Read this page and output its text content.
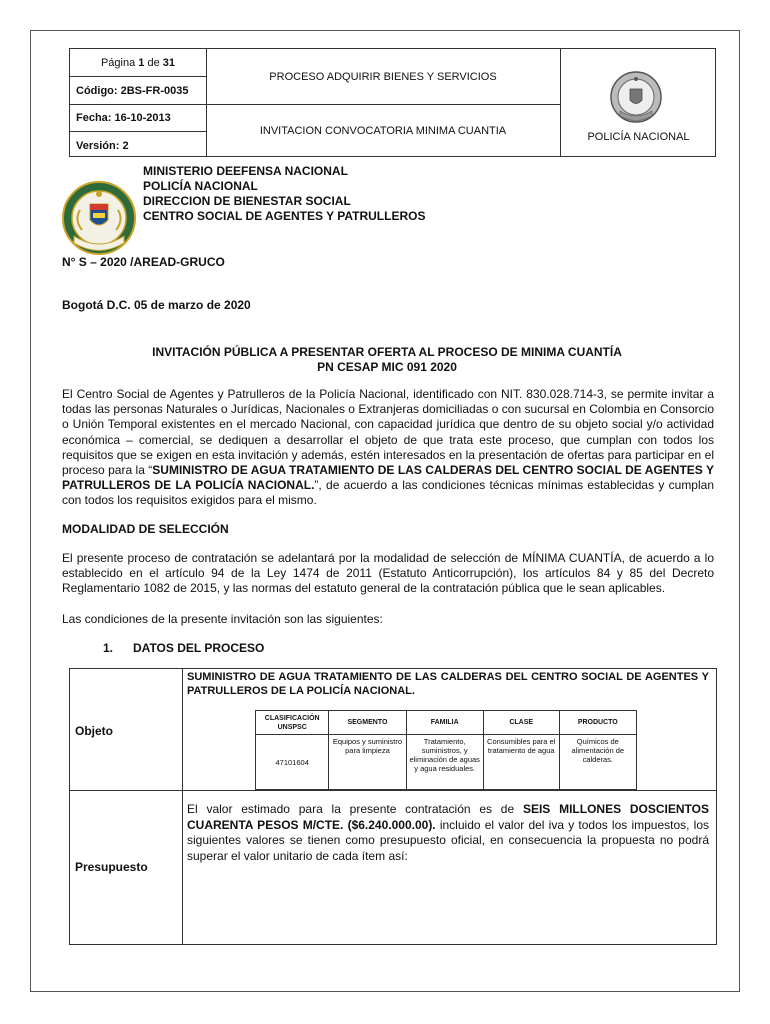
Página 1 de 31
Código: 2BS-FR-0035
Fecha: 16-10-2013
Versión: 2
PROCESO ADQUIRIR BIENES Y SERVICIOS
INVITACION CONVOCATORIA MINIMA CUANTIA	POLICÍA NACIONAL
MINISTERIO DEEFENSA NACIONAL
POLICÍA NACIONAL
DIRECCION DE BIENESTAR SOCIAL
CENTRO SOCIAL DE AGENTES Y PATRULLEROS
N° S – 2020 /AREAD-GRUCO
Bogotá D.C. 05 de marzo de 2020
INVITACIÓN PÚBLICA A PRESENTAR OFERTA AL PROCESO DE MINIMA CUANTÍA
PN CESAP MIC 091 2020
El Centro Social de Agentes y Patrulleros de la Policía Nacional, identificado con NIT. 830.028.714-3, se permite invitar a todas las personas Naturales o Jurídicas, Nacionales o Extranjeras domiciliadas o con sucursal en Colombia en Consorcio o Unión Temporal existentes en el mercado Nacional, con capacidad jurídica que dentro de su objeto social y/o actividad económica – comercial, se dediquen a desarrollar el objeto de que trata este proceso, que cumplan con todos los requisitos que se exigen en esta invitación y además, estén interesados en la presentación de ofertas para participar en el proceso para la “SUMINISTRO DE AGUA TRATAMIENTO DE LAS CALDERAS DEL CENTRO SOCIAL DE AGENTES Y PATRULLEROS DE LA POLICÍA NACIONAL.”, de acuerdo a las condiciones técnicas mínimas establecidas y cumplan con todos los requisitos exigidos para el mismo.
MODALIDAD DE SELECCIÓN
El presente proceso de contratación se adelantará por la modalidad de selección de MÍNIMA CUANTÍA, de acuerdo a lo establecido en el artículo 94 de la Ley 1474 de 2011 (Estatuto Anticorrupción), los artículos 84 y 85 del Decreto Reglamentario 1082 de 2015, y las normas del estatuto general de la contratación pública que le sean aplicables.
Las condiciones de la presente invitación son las siguientes:
1. DATOS DEL PROCESO
Objeto
SUMINISTRO DE AGUA TRATAMIENTO DE LAS CALDERAS DEL CENTRO SOCIAL DE AGENTES Y PATRULLEROS DE LA POLICÍA NACIONAL.
CLASIFICACIÓN UNSPSC	SEGMENTO	FAMILIA	CLASE	PRODUCTO
47101604	Equipos y suministro para limpieza	Tratamiento, suministros, y eliminación de aguas y agua residuales.	Consumibles para el tratamiento de agua	Químicos de alimentación de calderas.
Presupuesto
El valor estimado para la presente contratación es de SEIS MILLONES DOSCIENTOS CUARENTA PESOS M/CTE. ($6.240.000.00). incluido el valor del iva y todos los impuestos, los siguientes valores se tienen como presupuesto oficial, en consecuencia la propuesta no podrá superar el valor unitario de cada ítem así:
